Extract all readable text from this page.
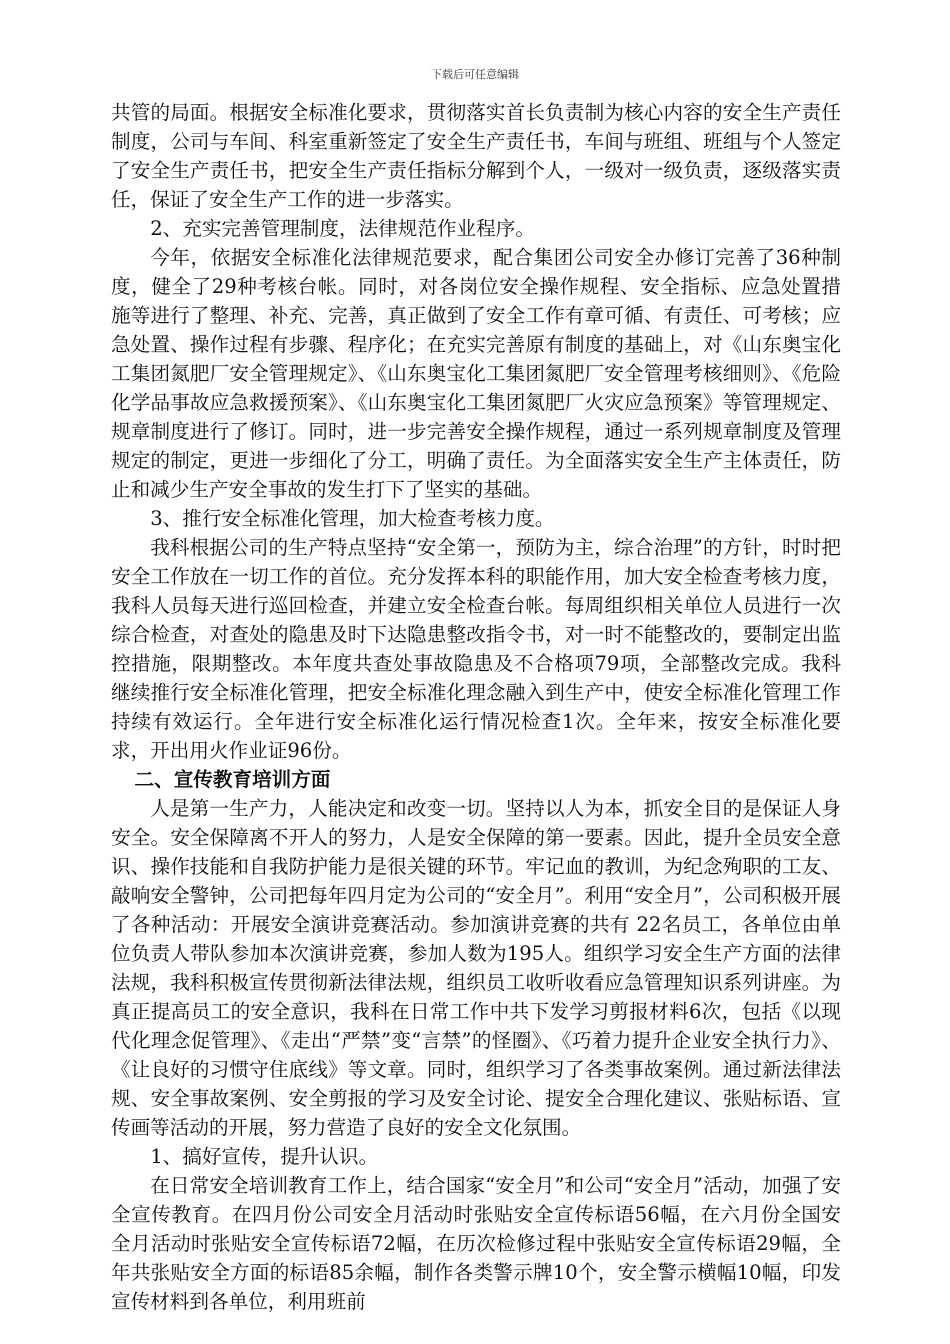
下载后可任意编辑

共管的局面。根据安全标准化要求，贯彻落实首长负责制为核心内容的安全生产责任制度，公司与车间、科室重新签定了安全生产责任书，车间与班组、班组与个人签定了安全生产责任书，把安全生产责任指标分解到个人，一级对一级负责，逐级落实责任，保证了安全生产工作的进一步落实。

2、充实完善管理制度，法律规范作业程序。

今年，依据安全标准化法律规范要求，配合集团公司安全办修订完善了36种制度，健全了29种考核台帐。同时，对各岗位安全操作规程、安全指标、应急处置措施等进行了整理、补充、完善，真正做到了安全工作有章可循、有责任、可考核；应急处置、操作过程有步骤、程序化；在充实完善原有制度的基础上，对《山东奥宝化工集团氮肥厂安全管理规定》、《山东奥宝化工集团氮肥厂安全管理考核细则》、《危险化学品事故应急救援预案》、《山东奥宝化工集团氮肥厂火灾应急预案》等管理规定、规章制度进行了修订。同时，进一步完善安全操作规程，通过一系列规章制度及管理规定的制定，更进一步细化了分工，明确了责任。为全面落实安全生产主体责任，防止和减少生产安全事故的发生打下了坚实的基础。

3、推行安全标准化管理，加大检查考核力度。

我科根据公司的生产特点坚持“安全第一，预防为主，综合治理”的方针，时时把安全工作放在一切工作的首位。充分发挥本科的职能作用，加大安全检查考核力度，我科人员每天进行巡回检查，并建立安全检查台帐。每周组织相关单位人员进行一次综合检查，对查处的隐患及时下达隐患整改指令书，对一时不能整改的，要制定出监控措施，限期整改。本年度共查处事故隐患及不合格项79项，全部整改完成。我科继续推行安全标准化管理，把安全标准化理念融入到生产中，使安全标准化管理工作持续有效运行。全年进行安全标准化运行情况检查1次。全年来，按安全标准化要求，开出用火作业证96份。

二、宣传教育培训方面

人是第一生产力，人能决定和改变一切。坚持以人为本，抓安全目的是保证人身安全。安全保障离不开人的努力，人是安全保障的第一要素。因此，提升全员安全意识、操作技能和自我防护能力是很关键的环节。牢记血的教训，为纪念殉职的工友、敲响安全警钟，公司把每年四月定为公司的“安全月”。利用“安全月”，公司积极开展了各种活动：开展安全演讲竞赛活动。参加演讲竞赛的共有 22名员工，各单位由单位负责人带队参加本次演讲竞赛，参加人数为195人。组织学习安全生产方面的法律法规，我科积极宣传贯彻新法律法规，组织员工收听收看应急管理知识系列讲座。为真正提高员工的安全意识，我科在日常工作中共下发学习剪报材料6次，包括《以现代化理念促管理》、《走出“严禁”变“言禁”的怪圈》、《巧着力提升企业安全执行力》、《让良好的习惯守住底线》等文章。同时，组织学习了各类事故案例。通过新法律法规、安全事故案例、安全剪报的学习及安全讨论、提安全合理化建议、张贴标语、宣传画等活动的开展，努力营造了良好的安全文化氛围。

1、搞好宣传，提升认识。

在日常安全培训教育工作上，结合国家“安全月”和公司“安全月”活动，加强了安全宣传教育。在四月份公司安全月活动时张贴安全宣传标语56幅，在六月份全国安全月活动时张贴安全宣传标语72幅，在历次检修过程中张贴安全宣传标语29幅，全年共张贴安全方面的标语85余幅，制作各类警示牌10个，安全警示横幅10幅，印发宣传材料到各单位，利用班前
